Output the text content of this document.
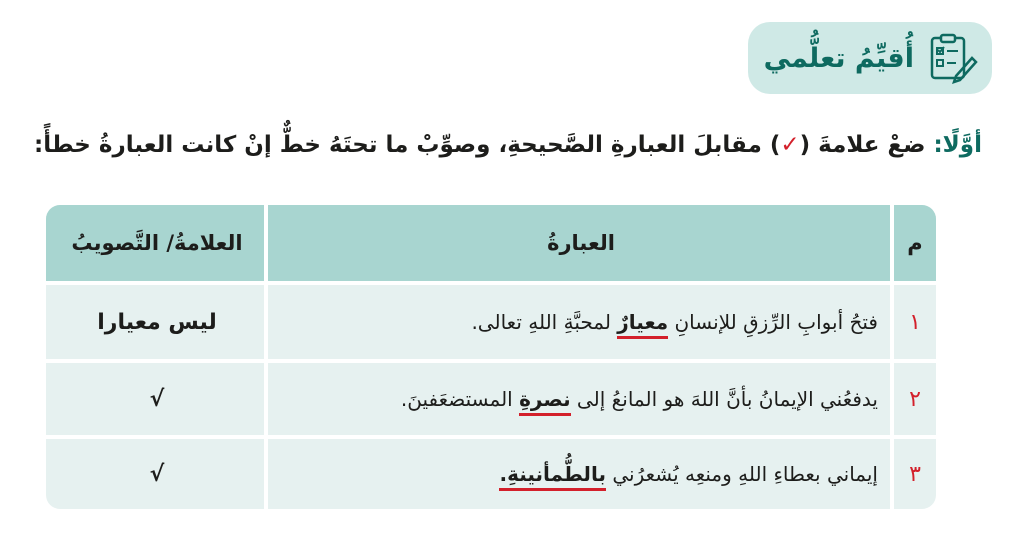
أُقيِّمُ تعلُّمي
أوَّلًا: ضعْ علامةَ (✓) مقابلَ العبارةِ الصَّحيحةِ، وصوِّبْ ما تحتَهُ خطٌّ إنْ كانت العبارةُ خطأً:
م
العبارةُ
العلامةُ/ التَّصويبُ
١
فتحُ أبوابِ الرِّزقِ للإنسانِ معيارٌ لمحبَّةِ اللهِ تعالى.
ليس معيارا
٢
يدفعُني الإيمانُ بأنَّ اللهَ هو المانعُ إلى نصرةِ المستضعَفينَ.
√
٣
إيماني بعطاءِ اللهِ ومنعِه يُشعرُني بالطُّمأنينةِ.
√
